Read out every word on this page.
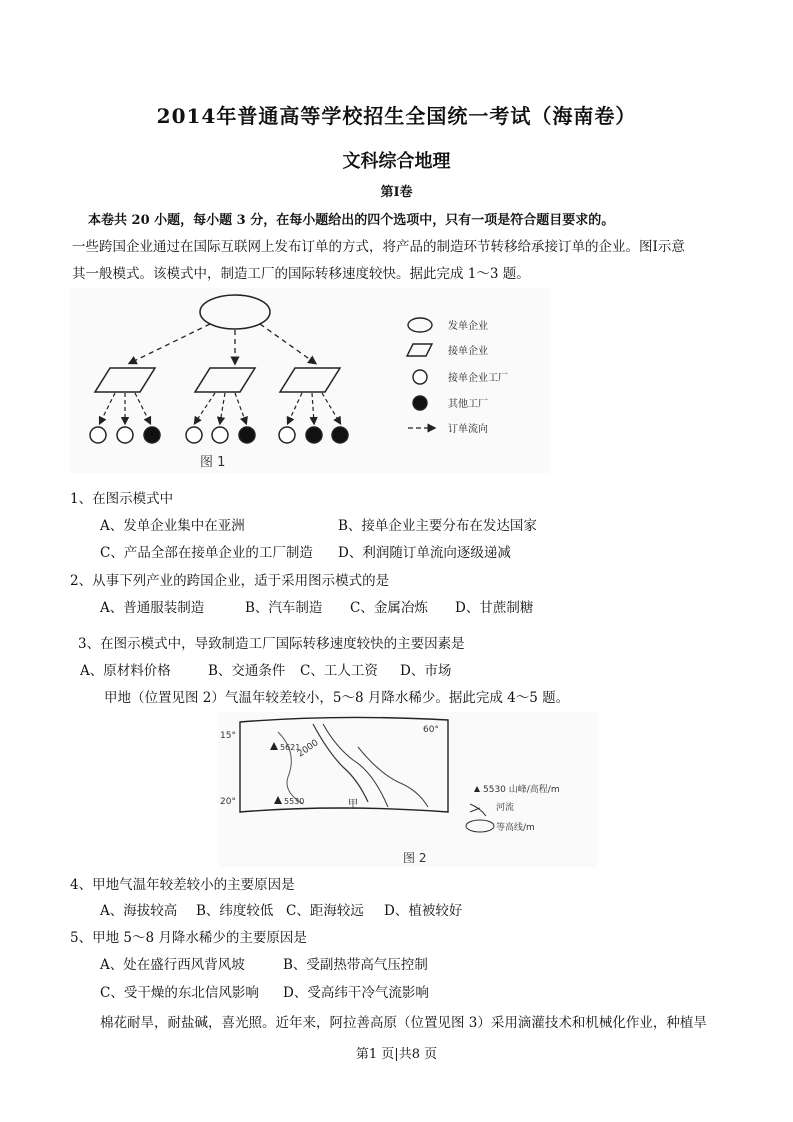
2014年普通高等学校招生全国统一考试（海南卷）
文科综合地理
第Ⅰ卷
本卷共 20 小题，每小题 3 分，在每小题给出的四个选项中，只有一项是符合题目要求的。
一些跨国企业通过在国际互联网上发布订单的方式，将产品的制造环节转移给承接订单的企业。图Ⅰ示意
其一般模式。该模式中，制造工厂的国际转移速度较快。据此完成 1～3 题。
图 1
发单企业
接单企业
接单企业工厂
其他工厂
订单流向
1、在图示模式中
A、发单企业集中在亚洲	B、接单企业主要分布在发达国家
C、产品全部在接单企业的工厂制造 D、利润随订单流向逐级递减
2、从事下列产业的跨国企业，适于采用图示模式的是
A、普通服装制造	B、汽车制造 C、金属冶炼 D、甘蔗制糖
3、在图示模式中，导致制造工厂国际转移速度较快的主要因素是
A、原材料价格	B、交通条件 C、工人工资 D、市场
甲地（位置见图 2）气温年较差较小，5～8 月降水稀少。据此完成 4～5 题。
15°
20°
60°
2000
5621
5530	甲
图 2
5530 山峰/高程/m
河流
等高线/m
4、甲地气温年较差较小的主要原因是
A、海拔较高 B、纬度较低 C、距海较远 D、植被较好
5、甲地 5～8 月降水稀少的主要原因是
A、处在盛行西风背风坡	B、受副热带高气压控制
C、受干燥的东北信风影响 D、受高纬干冷气流影响
棉花耐旱，耐盐碱，喜光照。近年来，阿拉善高原（位置见图 3）采用滴灌技术和机械化作业，种植旱
第1 页|共8 页
